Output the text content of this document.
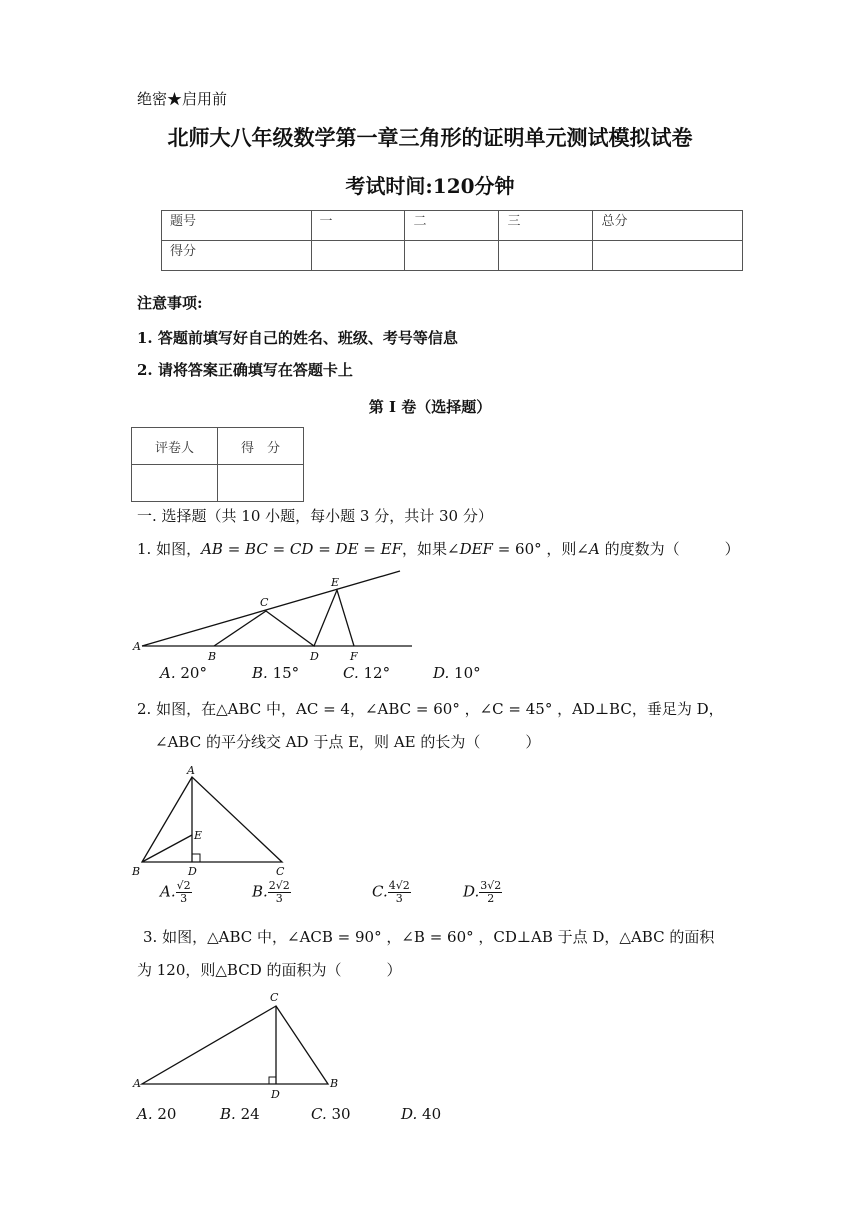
绝密★启用前
北师大八年级数学第一章三角形的证明单元测试模拟试卷
考试时间:120分钟
题号	一	二	三	总分
得分				
注意事项:
1. 答题前填写好自己的姓名、班级、考号等信息
2. 请将答案正确填写在答题卡上
第 I 卷（选择题）
评卷人	得　分

一. 选择题（共 10 小题，每小题 3 分，共计 30 分）
1. 如图，AB = BC = CD = DE = EF，如果∠DEF = 60° ，则∠A 的度数为（　　　）
A
B
C
D
E
F
A. 20°	B. 15°	C. 12°	D. 10°
2. 如图，在△ABC 中，AC = 4，∠ABC = 60° ，∠C = 45° ，AD⊥BC，垂足为 D，
∠ABC 的平分线交 AD 于点 E，则 AE 的长为（　　　）
A
E
B	D	C
A. $\frac{√2}{3}$	B. $\frac{2√2}{3}$	C. $\frac{4√2}{3}$	D. $\frac{3√2}{2}$
3. 如图，△ABC 中，∠ACB = 90° ，∠B = 60° ，CD⊥AB 于点 D，△ABC 的面积
为 120，则△BCD 的面积为（　　　）
C
A
D
B
A. 20	B. 24	C. 30	D. 40
